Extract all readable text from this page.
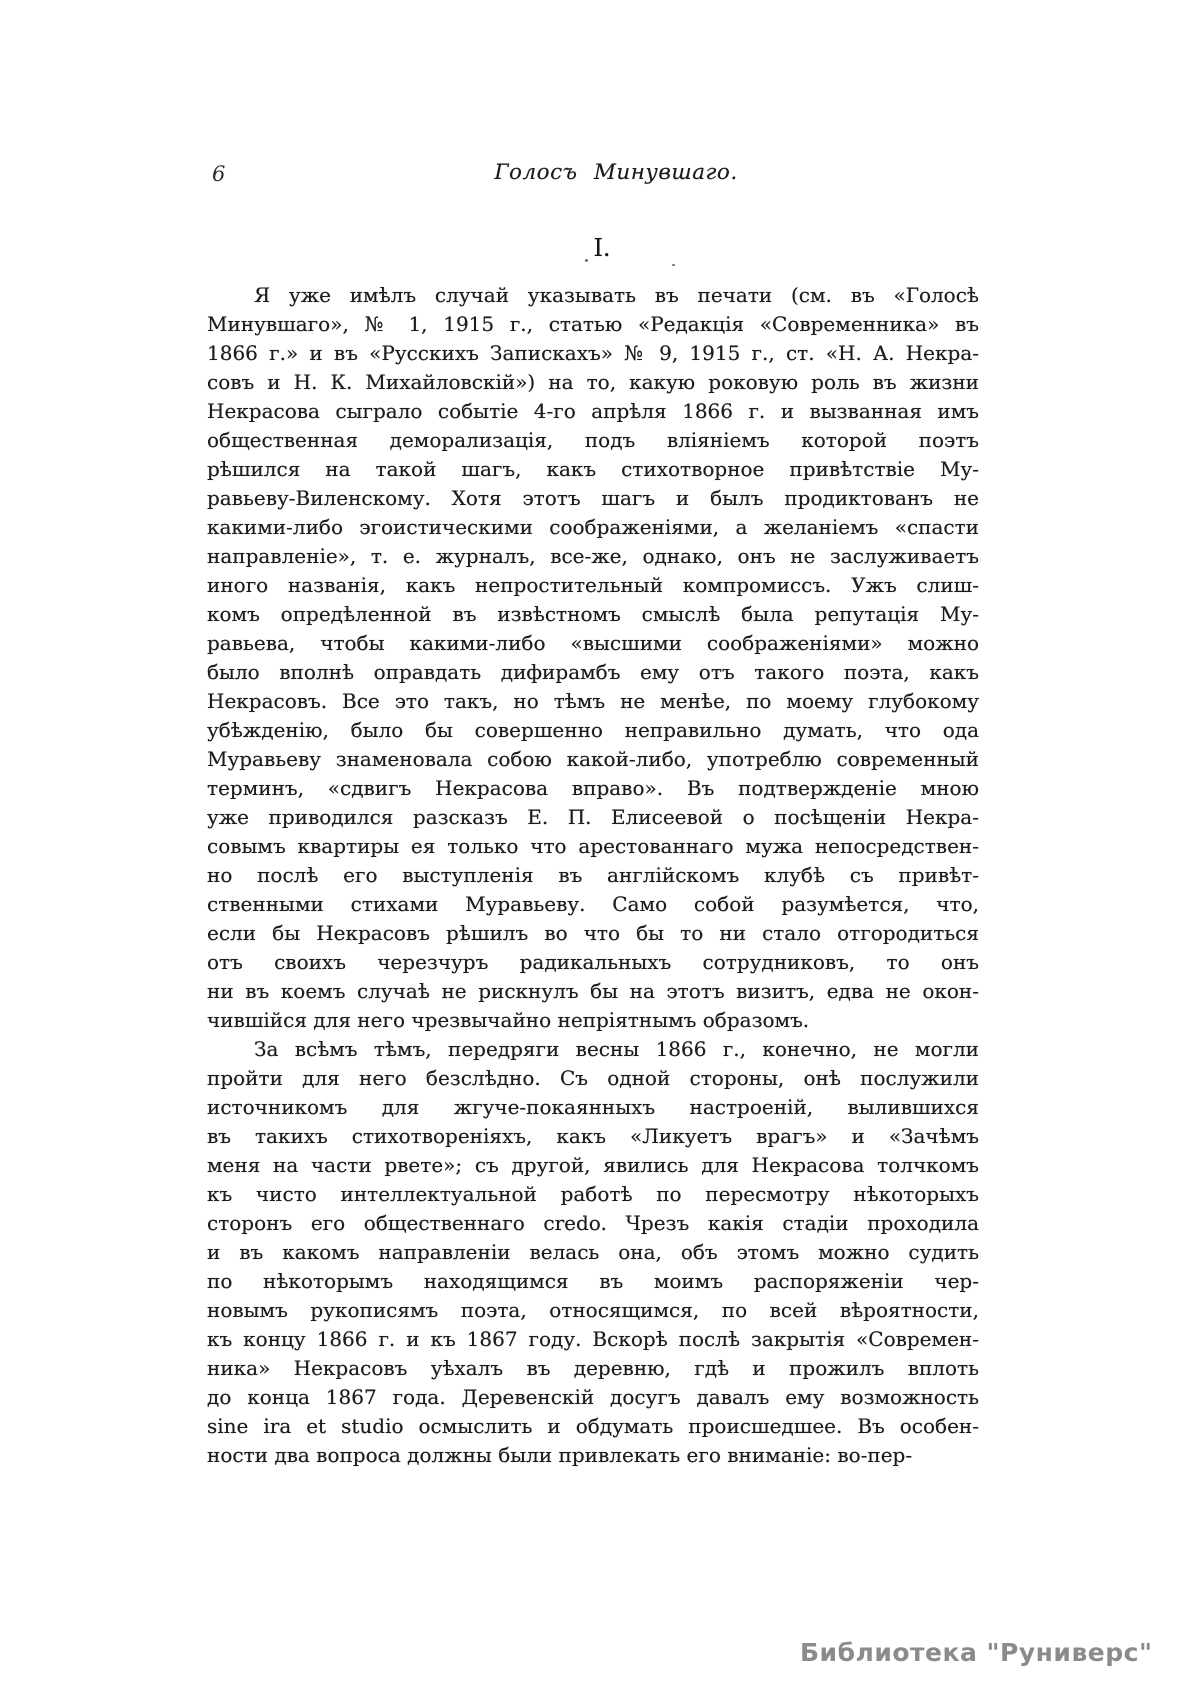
6	Голосъ Минувшаго.
I.
Я уже имѣлъ случай указывать въ печати (см. въ «Голосѣ
Минувшаго», № 1, 1915 г., статью «Редакція «Современника» въ
1866 г.» и въ «Русскихъ Запискахъ» № 9, 1915 г., ст. «Н. А. Некра-
совъ и Н. К. Михайловскій») на то, какую роковую роль въ жизни
Некрасова сыграло событіе 4-го апрѣля 1866 г. и вызванная имъ
общественная деморализація, подъ вліяніемъ которой поэтъ
рѣшился на такой шагъ, какъ стихотворное привѣтствіе Му-
равьеву-Виленскому. Хотя этотъ шагъ и былъ продиктованъ не
какими-либо эгоистическими соображеніями, а желаніемъ «спасти
направленіе», т. е. журналъ, все-же, однако, онъ не заслуживаетъ
иного названія, какъ непростительный компромиссъ. Ужъ слиш-
комъ опредѣленной въ извѣстномъ смыслѣ была репутація Му-
равьева, чтобы какими-либо «высшими соображеніями» можно
было вполнѣ оправдать дифирамбъ ему отъ такого поэта, какъ
Некрасовъ. Все это такъ, но тѣмъ не менѣе, по моему глубокому
убѣжденію, было бы совершенно неправильно думать, что ода
Муравьеву знаменовала собою какой-либо, употреблю современный
терминъ, «сдвигъ Некрасова вправо». Въ подтвержденіе мною
уже приводился разсказъ Е. П. Елисеевой о посѣщеніи Некра-
совымъ квартиры ея только что арестованнаго мужа непосредствен-
но послѣ его выступленія въ англійскомъ клубѣ съ привѣт-
ственными стихами Муравьеву. Само собой разумѣется, что,
если бы Некрасовъ рѣшилъ во что бы то ни стало отгородиться
отъ своихъ черезчуръ радикальныхъ сотрудниковъ, то онъ
ни въ коемъ случаѣ не рискнулъ бы на этотъ визитъ, едва не окон-
чившійся для него чрезвычайно непріятнымъ образомъ.
За всѣмъ тѣмъ, передряги весны 1866 г., конечно, не могли
пройти для него безслѣдно. Съ одной стороны, онѣ послужили
источникомъ для жгуче-покаянныхъ настроеній, вылившихся
въ такихъ стихотвореніяхъ, какъ «Ликуетъ врагъ» и «Зачѣмъ
меня на части рвете»; съ другой, явились для Некрасова толчкомъ
къ чисто интеллектуальной работѣ по пересмотру нѣкоторыхъ
сторонъ его общественнаго credo. Чрезъ какія стадіи проходила
и въ какомъ направленіи велась она, объ этомъ можно судить
по нѣкоторымъ находящимся въ моимъ распоряженіи чер-
новымъ рукописямъ поэта, относящимся, по всей вѣроятности,
къ концу 1866 г. и къ 1867 году. Вскорѣ послѣ закрытія «Современ-
ника» Некрасовъ уѣхалъ въ деревню, гдѣ и прожилъ вплоть
до конца 1867 года. Деревенскій досугъ давалъ ему возможность
sine ira et studio осмыслить и обдумать происшедшее. Въ особен-
ности два вопроса должны были привлекать его вниманіе: во-пер-
Библиотека "Руниверс"
